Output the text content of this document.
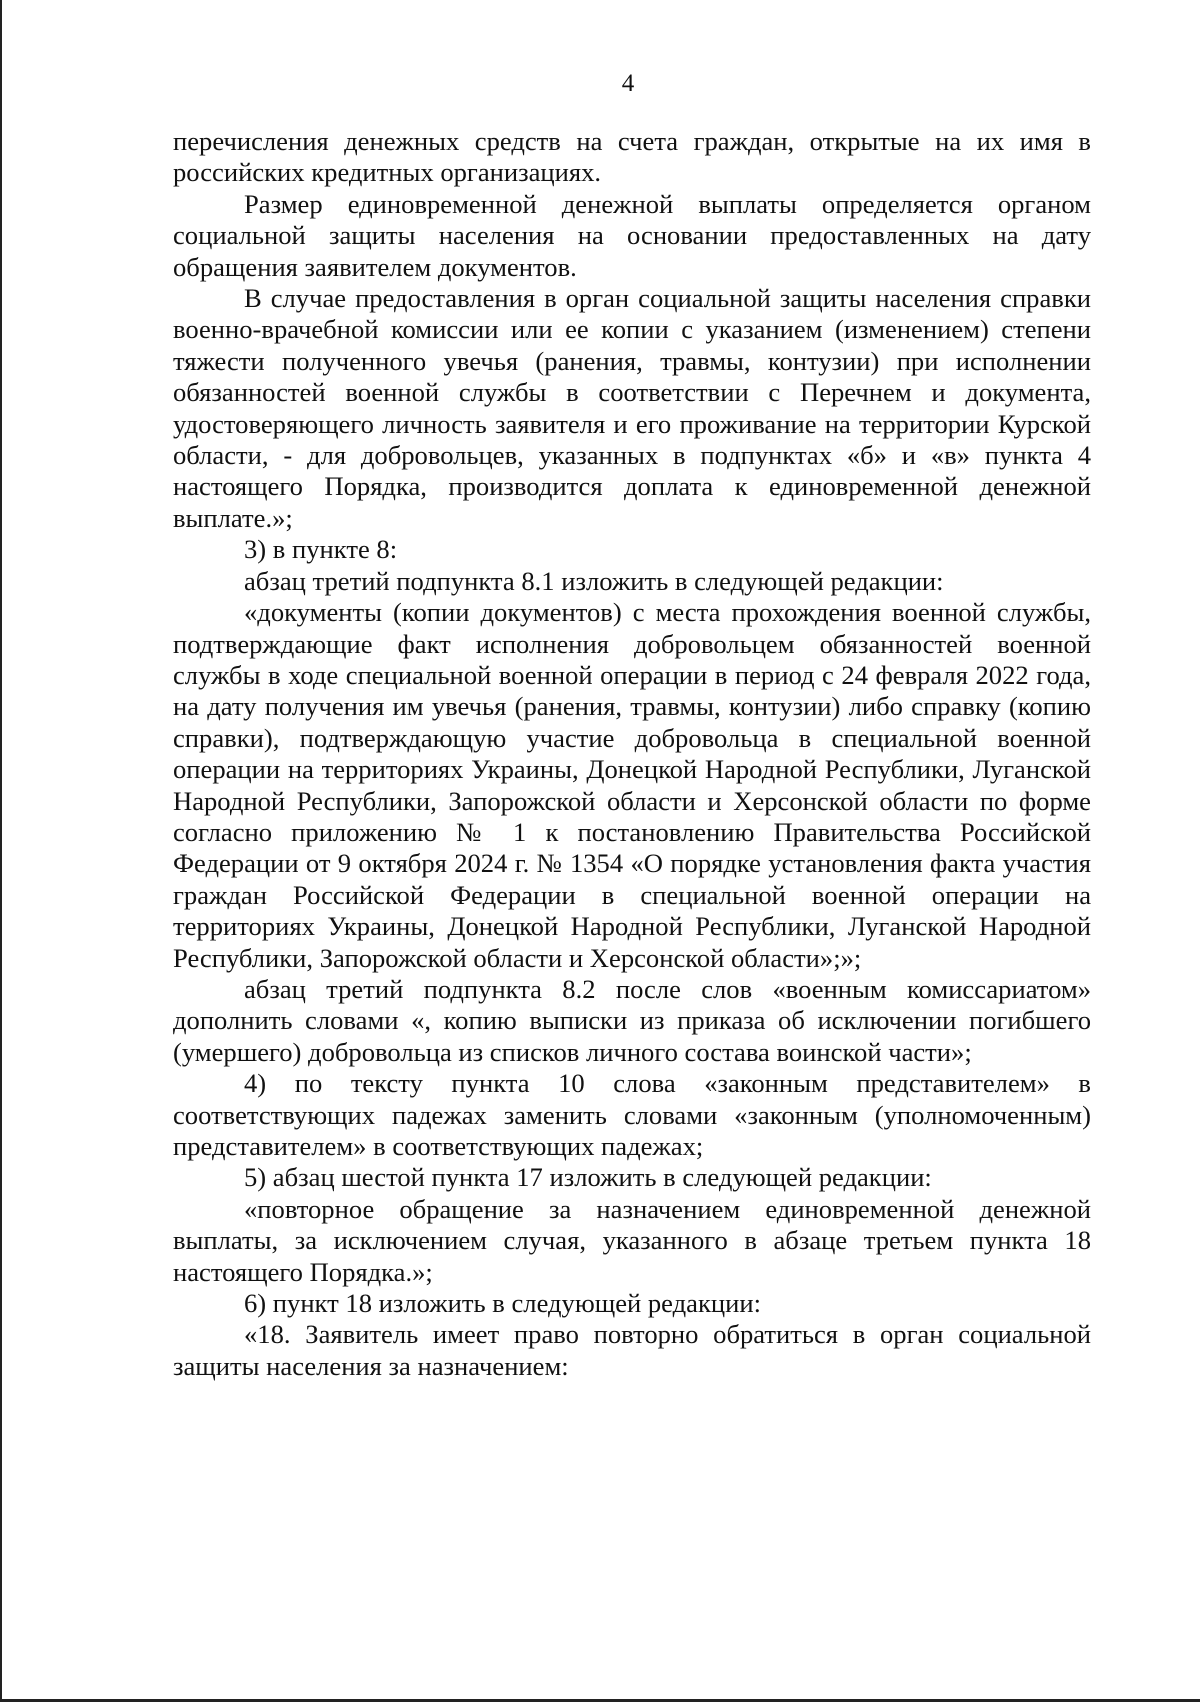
4

перечисления денежных средств на счета граждан, открытые на их имя в российских кредитных организациях.

Размер единовременной денежной выплаты определяется органом социальной защиты населения на основании предоставленных на дату обращения заявителем документов.

В случае предоставления в орган социальной защиты населения справки военно-врачебной комиссии или ее копии с указанием (изменением) степени тяжести полученного увечья (ранения, травмы, контузии) при исполнении обязанностей военной службы в соответствии с Перечнем и документа, удостоверяющего личность заявителя и его проживание на территории Курской области, - для добровольцев, указанных в подпунктах «б» и «в» пункта 4 настоящего Порядка, производится доплата к единовременной денежной выплате.»;

3) в пункте 8:

абзац третий подпункта 8.1 изложить в следующей редакции:

«документы (копии документов) с места прохождения военной службы, подтверждающие факт исполнения добровольцем обязанностей военной службы в ходе специальной военной операции в период с 24 февраля 2022 года, на дату получения им увечья (ранения, травмы, контузии) либо справку (копию справки), подтверждающую участие добровольца в специальной военной операции на территориях Украины, Донецкой Народной Республики, Луганской Народной Республики, Запорожской области и Херсонской области по форме согласно приложению № 1 к постановлению Правительства Российской Федерации от 9 октября 2024 г. № 1354 «О порядке установления факта участия граждан Российской Федерации в специальной военной операции на территориях Украины, Донецкой Народной Республики, Луганской Народной Республики, Запорожской области и Херсонской области»;»;

абзац третий подпункта 8.2 после слов «военным комиссариатом» дополнить словами «, копию выписки из приказа об исключении погибшего (умершего) добровольца из списков личного состава воинской части»;

4) по тексту пункта 10 слова «законным представителем» в соответствующих падежах заменить словами «законным (уполномоченным) представителем» в соответствующих падежах;

5) абзац шестой пункта 17 изложить в следующей редакции:

«повторное обращение за назначением единовременной денежной выплаты, за исключением случая, указанного в абзаце третьем пункта 18 настоящего Порядка.»;

6) пункт 18 изложить в следующей редакции:

«18. Заявитель имеет право повторно обратиться в орган социальной защиты населения за назначением:
